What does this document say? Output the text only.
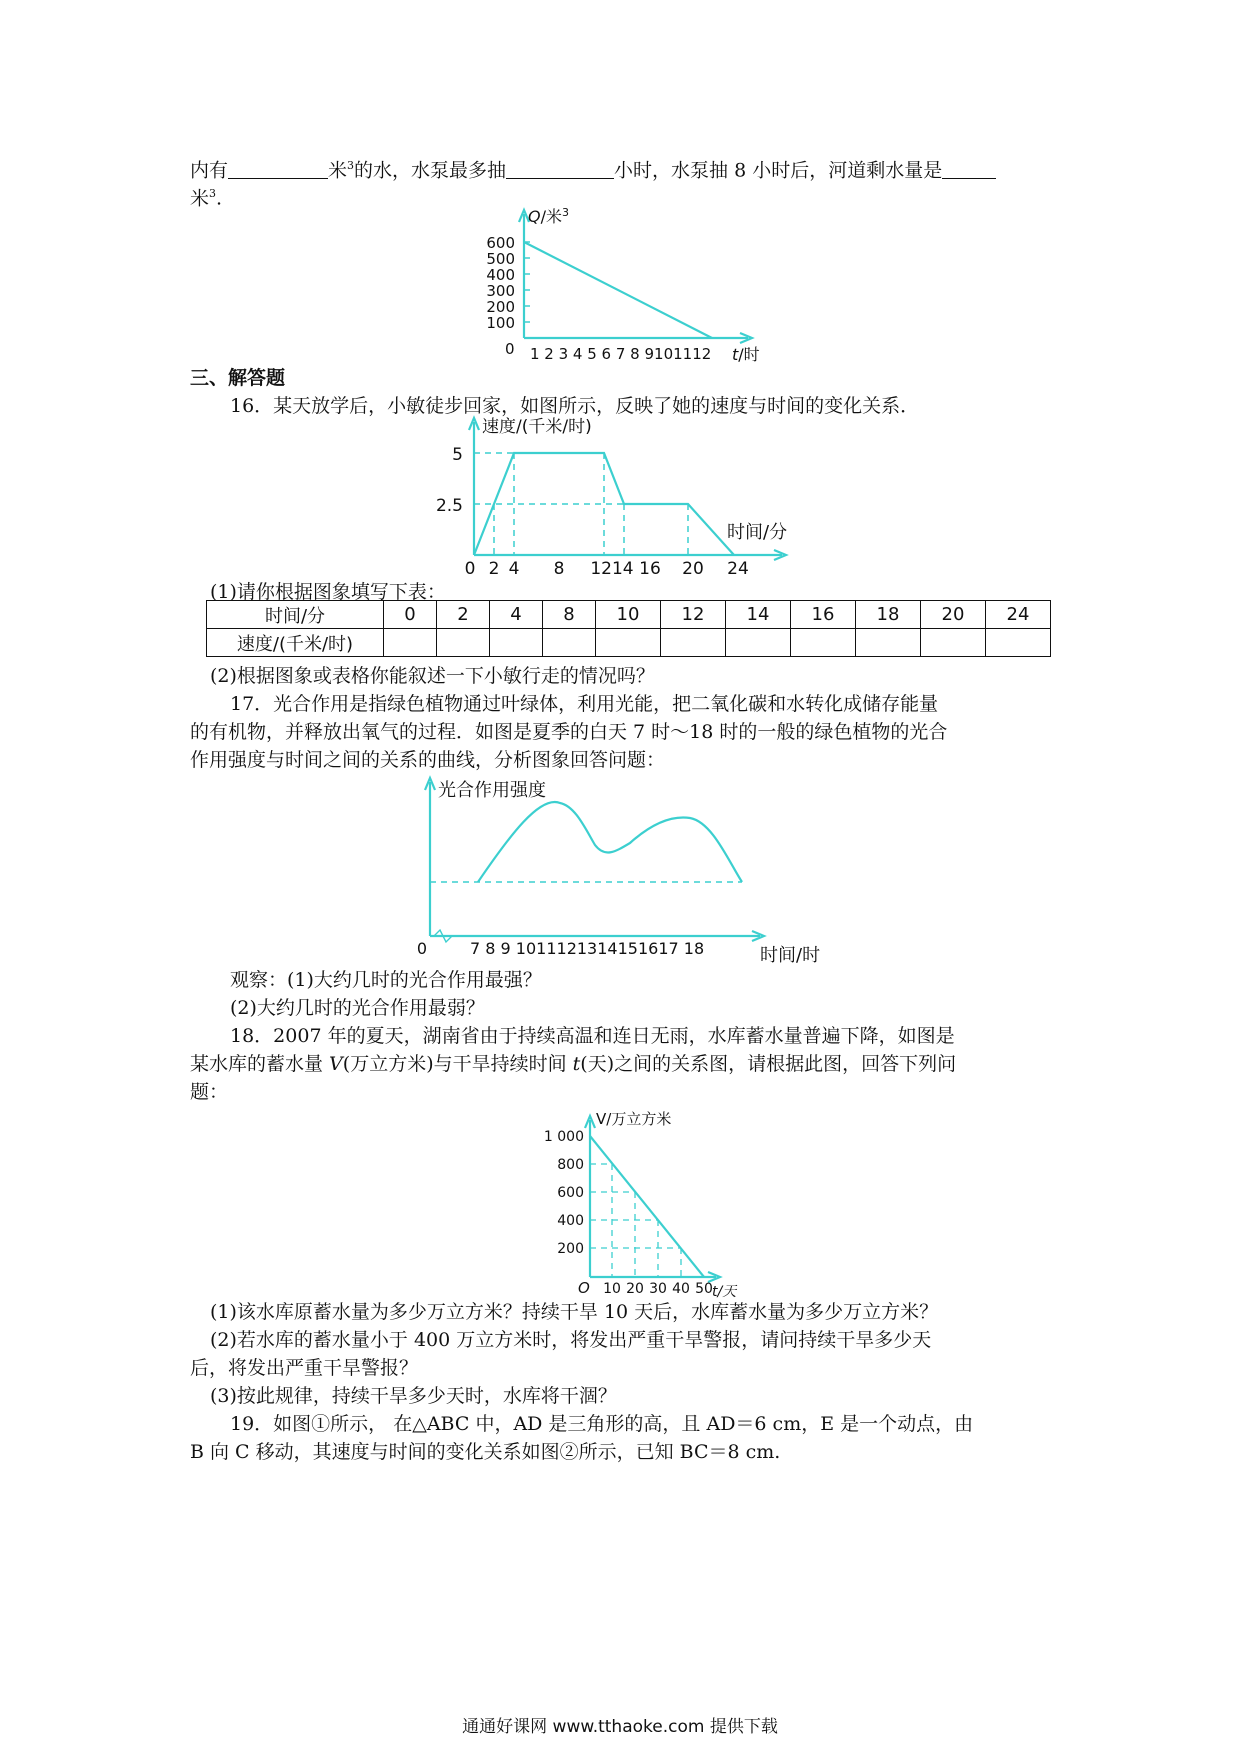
内有	米$^3$的水，水泵最多抽	小时，水泵抽 8 小时后，河道剩水量是
米$^3$.
Q/米$^3$
600
500
400
300
200
100
0 1 2 3 4 5 6 7 8 9101112 t/时
三、解答题
16．某天放学后，小敏徒步回家，如图所示，反映了她的速度与时间的变化关系．
速度/(千米/时)
5
2.5
时间/分
0 2 4 8 1214 16 20 24
(1)请你根据图象填写下表：
时间/分	0	2	4	8	10	12	14	16	18	20	24
速度/(千米/时)											
(2)根据图象或表格你能叙述一下小敏行走的情况吗？
17．光合作用是指绿色植物通过叶绿体，利用光能，把二氧化碳和水转化成储存能量
的有机物，并释放出氧气的过程．如图是夏季的白天 7 时～18 时的一般的绿色植物的光合
作用强度与时间之间的关系的曲线，分析图象回答问题：
光合作用强度
0	7 8 9 1011121314151617 18	时间/时
观察：(1)大约几时的光合作用最强？
(2)大约几时的光合作用最弱？
18．2007 年的夏天，湖南省由于持续高温和连日无雨，水库蓄水量普遍下降，如图是
某水库的蓄水量 V(万立方米)与干旱持续时间 t(天)之间的关系图，请根据此图，回答下列问
题：
V/万立方米
1 000
800
600
400
200
O 10 20 30 40 50 t/天
(1)该水库原蓄水量为多少万立方米？持续干旱 10 天后，水库蓄水量为多少万立方米？
(2)若水库的蓄水量小于 400 万立方米时，将发出严重干旱警报，请问持续干旱多少天
后，将发出严重干旱警报？
(3)按此规律，持续干旱多少天时，水库将干涸？
19．如图①所示， 在△ABC 中，AD 是三角形的高，且 AD＝6 cm，E 是一个动点，由
B 向 C 移动，其速度与时间的变化关系如图②所示，已知 BC＝8 cm.
通通好课网 www.tthaoke.com 提供下载
